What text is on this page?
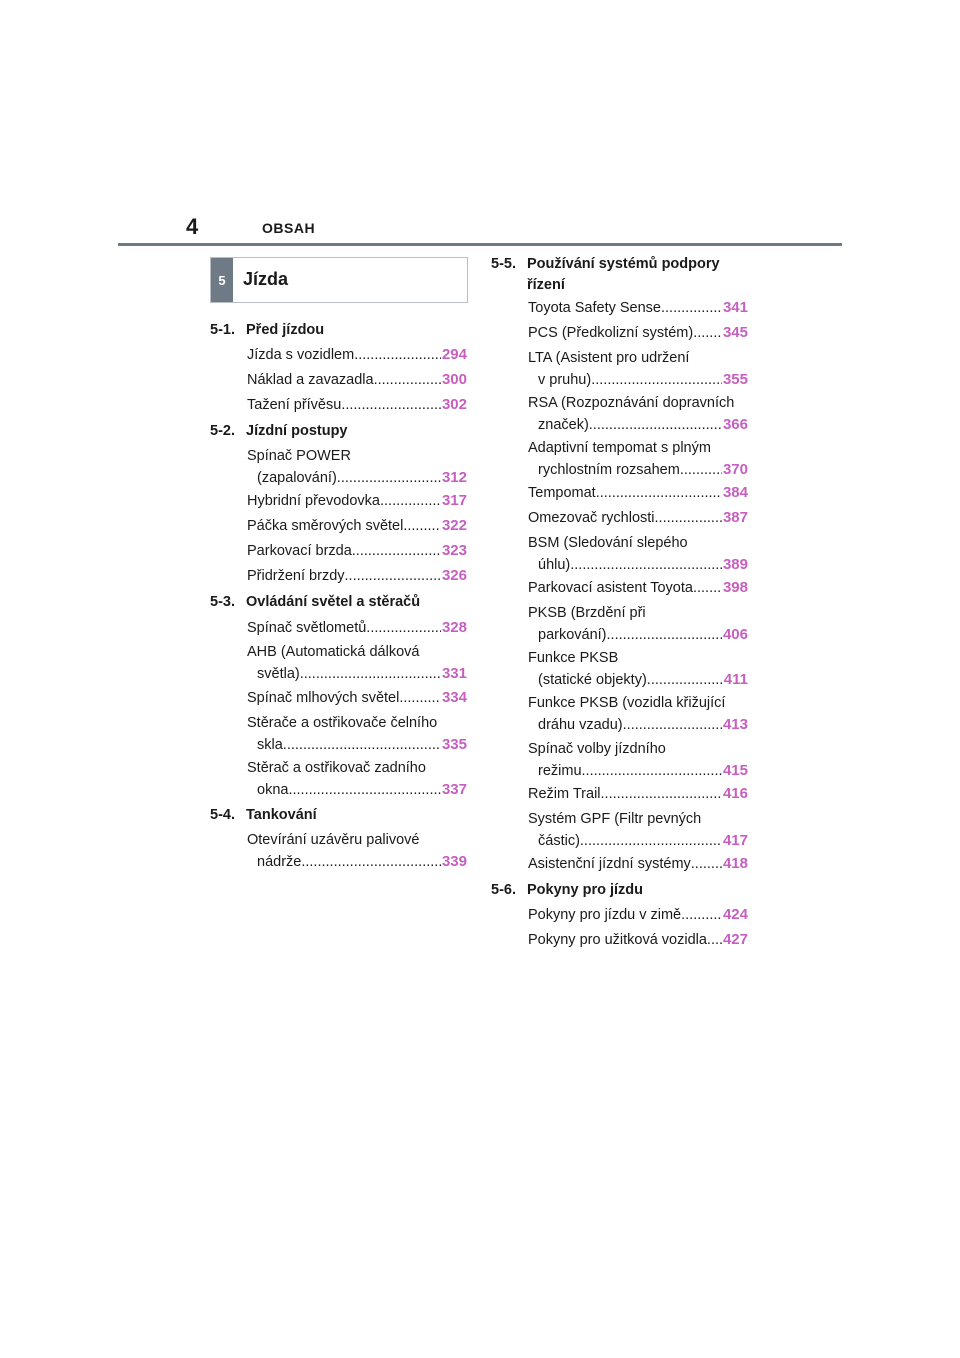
4	OBSAH
5 Jízda
5-1. Před jízdou
Jízda s vozidlem .....	294
Náklad a zavazadla .....	300
Tažení přívěsu .....	302
5-2. Jízdní postupy
Spínač POWER
(zapalování) .....	312
Hybridní převodovka .....	317
Páčka směrových světel .....	322
Parkovací brzda .....	323
Přidržení brzdy .....	326
5-3. Ovládání světel a stěračů
Spínač světlometů .....	328
AHB (Automatická dálková
světla) .....	331
Spínač mlhových světel .....	334
Stěrače a ostřikovače čelního
skla .....	335
Stěrač a ostřikovač zadního
okna .....	337
5-4. Tankování
Otevírání uzávěru palivové
nádrže .....	339
5-5. Používání systémů podpory řízení
Toyota Safety Sense .....	341
PCS (Předkolizní systém) ..... 345
LTA (Asistent pro udržení
v pruhu) .....	355
RSA (Rozpoznávání dopravních
značek) .....	366
Adaptivní tempomat s plným
rychlostním rozsahem .....	370
Tempomat .....	384
Omezovač rychlosti .....	387
BSM (Sledování slepého
úhlu) .....	389
Parkovací asistent Toyota ..... 398
PKSB (Brzdění při
parkování) .....	406
Funkce PKSB
(statické objekty) .....	411
Funkce PKSB (vozidla křižující
dráhu vzadu) .....	413
Spínač volby jízdního
režimu .....	415
Režim Trail .....	416
Systém GPF (Filtr pevných
částic) .....	417
Asistenční jízdní systémy ..... 418
5-6. Pokyny pro jízdu
Pokyny pro jízdu v zimě .....	424
Pokyny pro užitková vozidla ..... 427
